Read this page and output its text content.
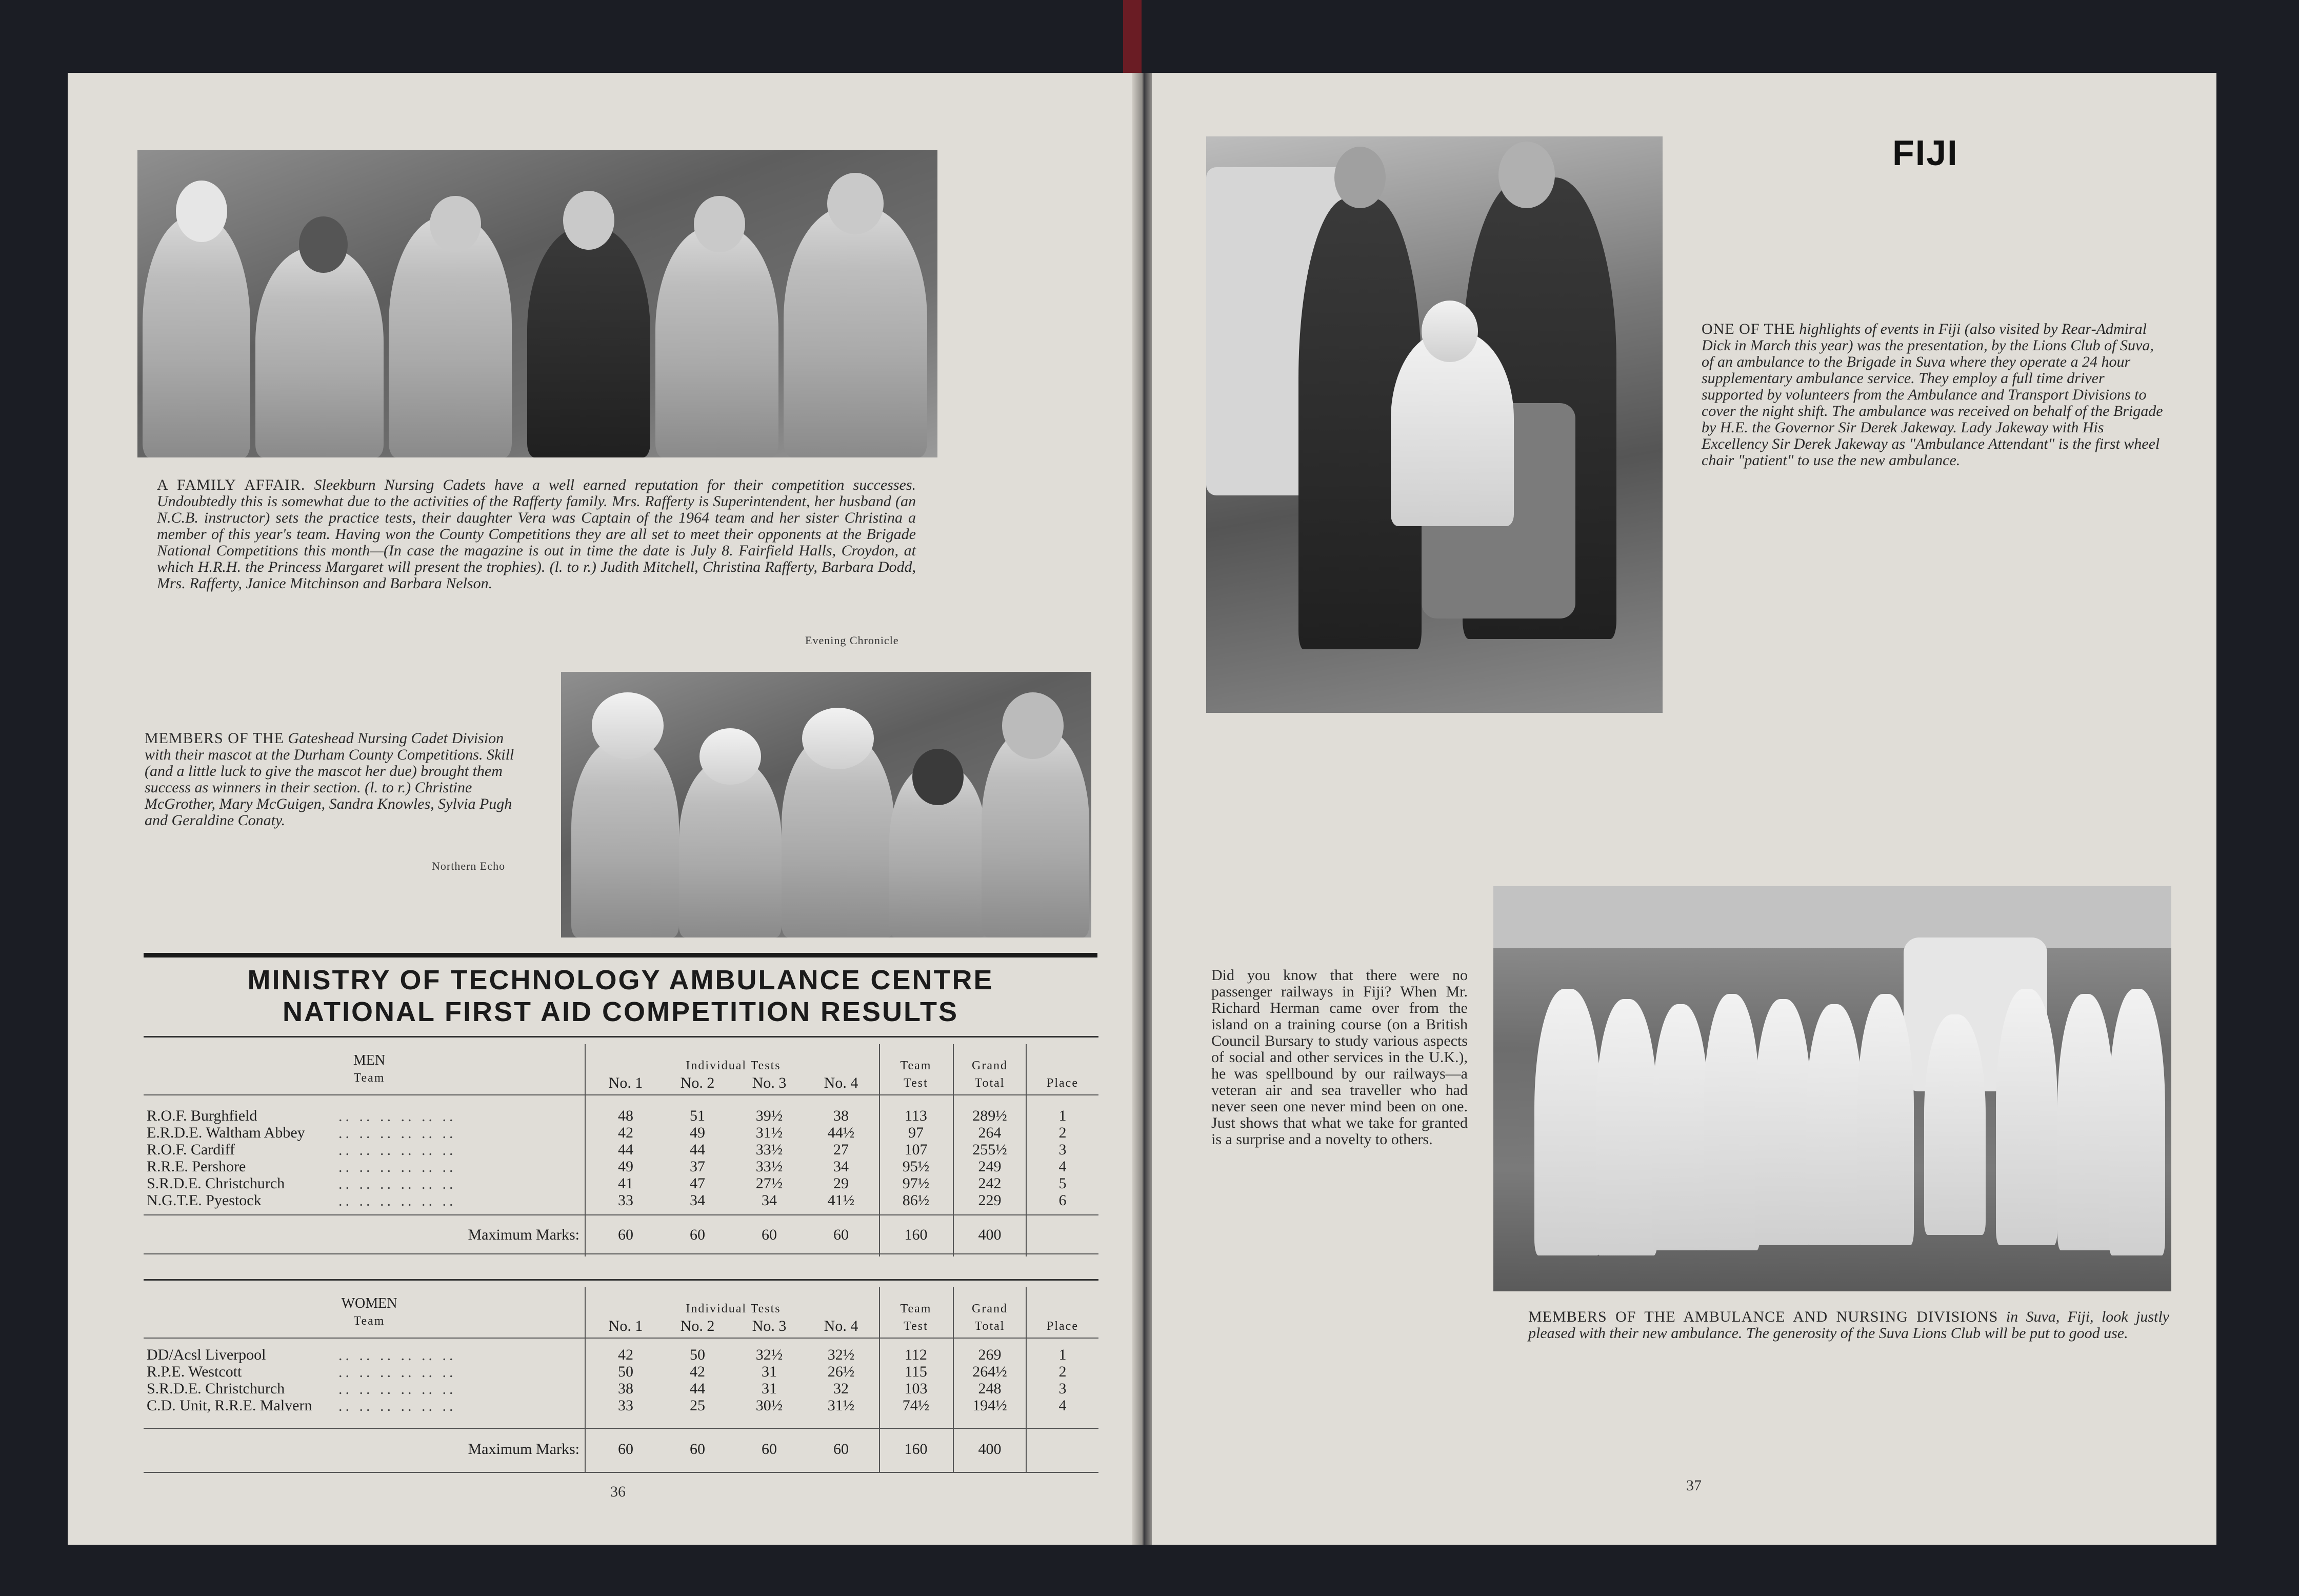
A FAMILY AFFAIR. Sleekburn Nursing Cadets have a well earned reputation for their competition successes. Undoubtedly this is somewhat due to the activities of the Rafferty family. Mrs. Rafferty is Superintendent, her husband (an N.C.B. instructor) sets the practice tests, their daughter Vera was Captain of the 1964 team and her sister Christina a member of this year's team. Having won the County Competitions they are all set to meet their opponents at the Brigade National Competitions this month—(In case the magazine is out in time the date is July 8. Fairfield Halls, Croydon, at which H.R.H. the Princess Margaret will present the trophies). (l. to r.) Judith Mitchell, Christina Rafferty, Barbara Dodd, Mrs. Rafferty, Janice Mitchinson and Barbara Nelson.
Evening Chronicle
MEMBERS OF THE Gateshead Nursing Cadet Division with their mascot at the Durham County Competitions. Skill (and a little luck to give the mascot her due) brought them success as winners in their section. (l. to r.) Christine McGrother, Mary McGuigen, Sandra Knowles, Sylvia Pugh and Geraldine Conaty.
Northern Echo
MINISTRY OF TECHNOLOGY AMBULANCE CENTRE
NATIONAL FIRST AID COMPETITION RESULTS
MEN
Team
Individual Tests
No. 1	No. 2	No. 3	No. 4
Team
Test
Grand
Total	Place
R.O.F. Burghfield	.. .. .. .. .. ..	48	51	39½	38	113	289½	1
E.R.D.E. Waltham Abbey .. .. .. .. .. ..	42	49	31½	44½	97	264	2
R.O.F. Cardiff	.. .. .. .. .. ..	44	44	33½	27	107	255½	3
R.R.E. Pershore	.. .. .. .. .. ..	49	37	33½	34	95½	249	4
S.R.D.E. Christchurch	.. .. .. .. .. ..	41	47	27½	29	97½	242	5
N.G.T.E. Pyestock	.. .. .. .. .. ..	33	34	34	41½	86½	229	6
Maximum Marks:	60	60	60	60	160	400
WOMEN
Team
Individual Tests
No. 1	No. 2	No. 3	No. 4
Team
Test
Grand
Total	Place
DD/Acsl Liverpool	.. .. .. .. .. ..	42	50	32½	32½	112	269	1
R.P.E. Westcott	.. .. .. .. .. ..	50	42	31	26½	115	264½	2
S.R.D.E. Christchurch	.. .. .. .. .. ..	38	44	31	32	103	248	3
C.D. Unit, R.R.E. Malvern .. .. .. .. .. ..	33	25	30½	31½	74½	194½	4
Maximum Marks:	60	60	60	60	160	400
36
FIJI
ONE OF THE highlights of events in Fiji (also visited by Rear-Admiral Dick in March this year) was the presentation, by the Lions Club of Suva, of an ambulance to the Brigade in Suva where they operate a 24 hour supplementary ambulance service. They employ a full time driver supported by volunteers from the Ambulance and Transport Divisions to cover the night shift. The ambulance was received on behalf of the Brigade by H.E. the Governor Sir Derek Jakeway. Lady Jakeway with His Excellency Sir Derek Jakeway as "Ambulance Attendant" is the first wheel chair "patient" to use the new ambulance.
Did you know that there were no passenger railways in Fiji? When Mr. Richard Herman came over from the island on a training course (on a British Council Bursary to study various aspects of social and other services in the U.K.), he was spellbound by our railways—a veteran air and sea traveller who had never seen one never mind been on one. Just shows that what we take for granted is a surprise and a novelty to others.
MEMBERS OF THE AMBULANCE AND NURSING DIVISIONS in Suva, Fiji, look justly pleased with their new ambulance. The generosity of the Suva Lions Club will be put to good use.
37
